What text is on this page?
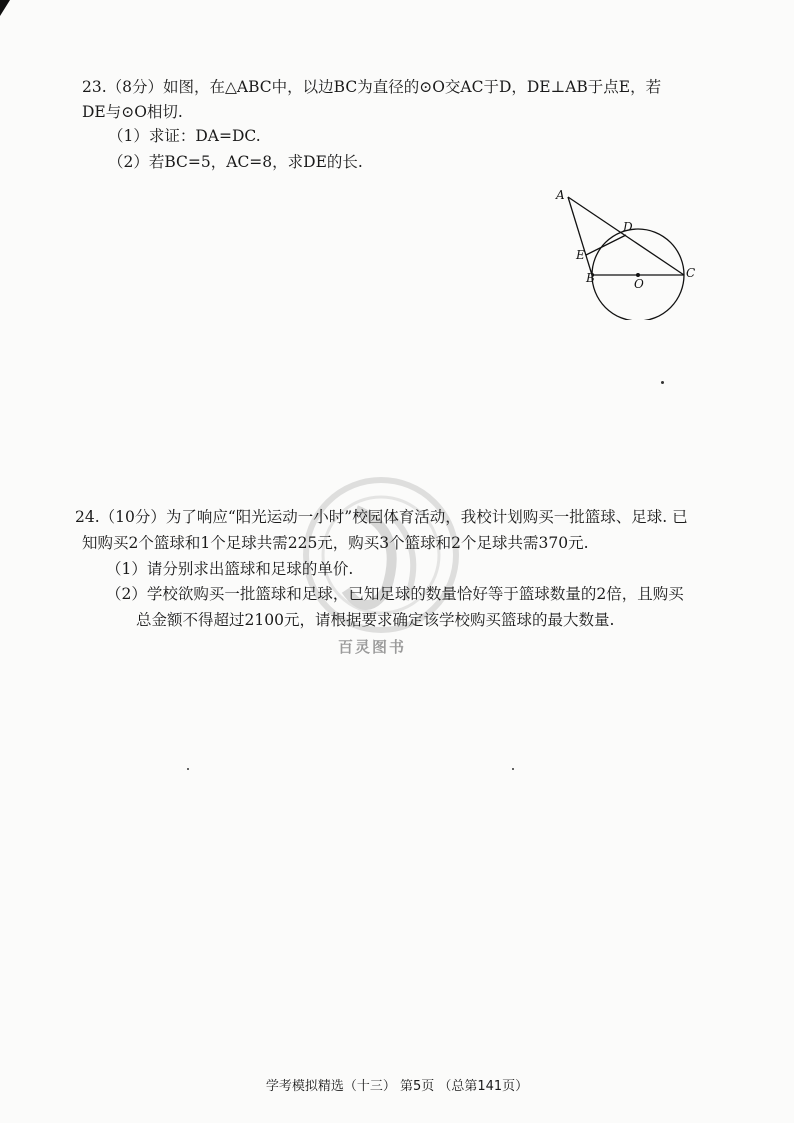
23.（8分）如图，在△ABC中，以边BC为直径的⊙O交AC于D，DE⊥AB于点E，若
DE与⊙O相切.
（1）求证：DA=DC.
（2）若BC=5，AC=8，求DE的长.
A
D
E
B	C
O
24.（10分）为了响应“阳光运动一小时”校园体育活动，我校计划购买一批篮球、足球. 已
知购买2个篮球和1个足球共需225元，购买3个篮球和2个足球共需370元.
（1）请分别求出篮球和足球的单价.
（2）学校欲购买一批篮球和足球，已知足球的数量恰好等于篮球数量的2倍，且购买
总金额不得超过2100元，请根据要求确定该学校购买篮球的最大数量.
百灵图书
学考模拟精选（十三） 第5页 （总第141页）
